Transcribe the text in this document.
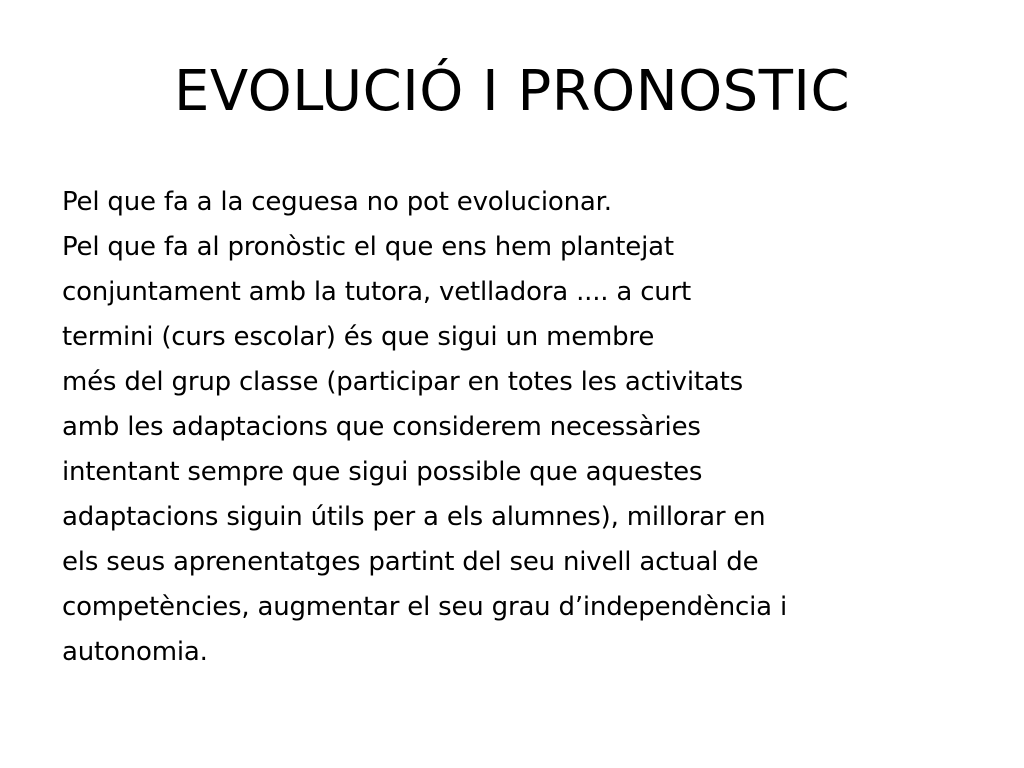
EVOLUCIÓ I PRONOSTIC
Pel que fa a la ceguesa no pot evolucionar.
Pel que fa al pronòstic el que ens hem plantejat
conjuntament amb la tutora, vetlladora .... a curt
termini (curs escolar) és que sigui un membre
més del grup classe (participar en totes les activitats
amb les adaptacions que considerem necessàries
intentant sempre que sigui possible que aquestes
adaptacions siguin útils per a els alumnes), millorar en
els seus aprenentatges partint del seu nivell actual de
competències, augmentar el seu grau d’independència i
autonomia.
